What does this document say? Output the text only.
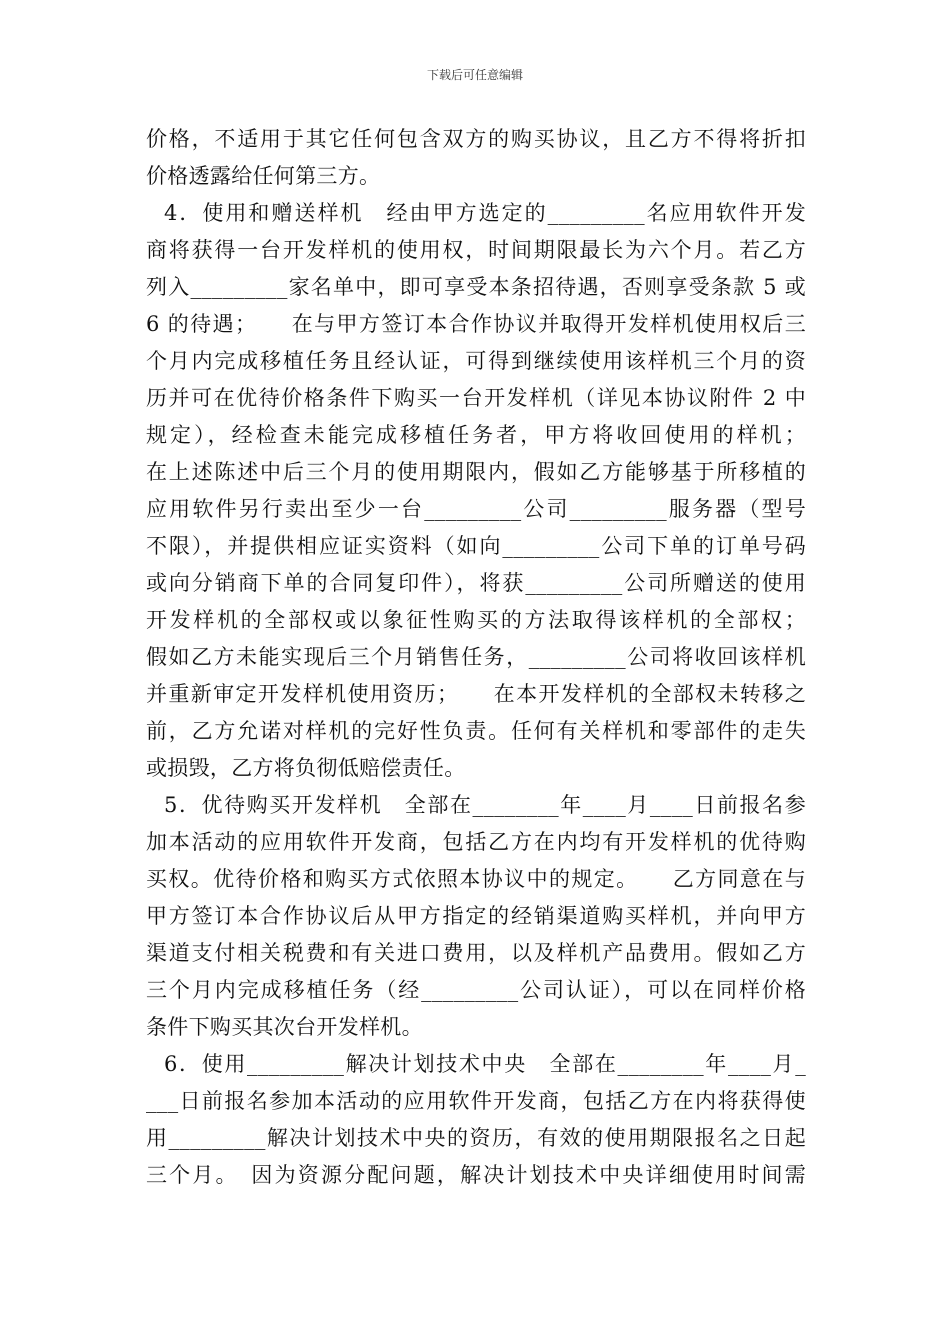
下载后可任意编辑
价格，不适用于其它任何包含双方的购买协议，且乙方不得将折扣
价格透露给任何第三方。
4．使用和赠送样机　经由甲方选定的_________名应用软件开发
商将获得一台开发样机的使用权，时间期限最长为六个月。若乙方
列入_________家名单中，即可享受本条招待遇，否则享受条款 5 或
6 的待遇；　　在与甲方签订本合作协议并取得开发样机使用权后三
个月内完成移植任务且经认证，可得到继续使用该样机三个月的资
历并可在优待价格条件下购买一台开发样机（详见本协议附件 2 中
规定），经检查未能完成移植任务者，甲方将收回使用的样机；
在上述陈述中后三个月的使用期限内，假如乙方能够基于所移植的
应用软件另行卖出至少一台_________公司_________服务器（型号
不限），并提供相应证实资料（如向_________公司下单的订单号码
或向分销商下单的合同复印件），将获_________公司所赠送的使用
开发样机的全部权或以象征性购买的方法取得该样机的全部权；
假如乙方未能实现后三个月销售任务，_________公司将收回该样机
并重新审定开发样机使用资历；　　在本开发样机的全部权未转移之
前，乙方允诺对样机的完好性负责。任何有关样机和零部件的走失
或损毁，乙方将负彻低赔偿责任。
5．优待购买开发样机　全部在________年____月____日前报名参
加本活动的应用软件开发商，包括乙方在内均有开发样机的优待购
买权。优待价格和购买方式依照本协议中的规定。　　乙方同意在与
甲方签订本合作协议后从甲方指定的经销渠道购买样机，并向甲方
渠道支付相关税费和有关进口费用，以及样机产品费用。假如乙方
三个月内完成移植任务（经_________公司认证），可以在同样价格
条件下购买其次台开发样机。
6．使用_________解决计划技术中央　全部在________年____月_
___日前报名参加本活动的应用软件开发商，包括乙方在内将获得使
用_________解决计划技术中央的资历，有效的使用期限报名之日起
三个月。　因为资源分配问题，解决计划技术中央详细使用时间需
